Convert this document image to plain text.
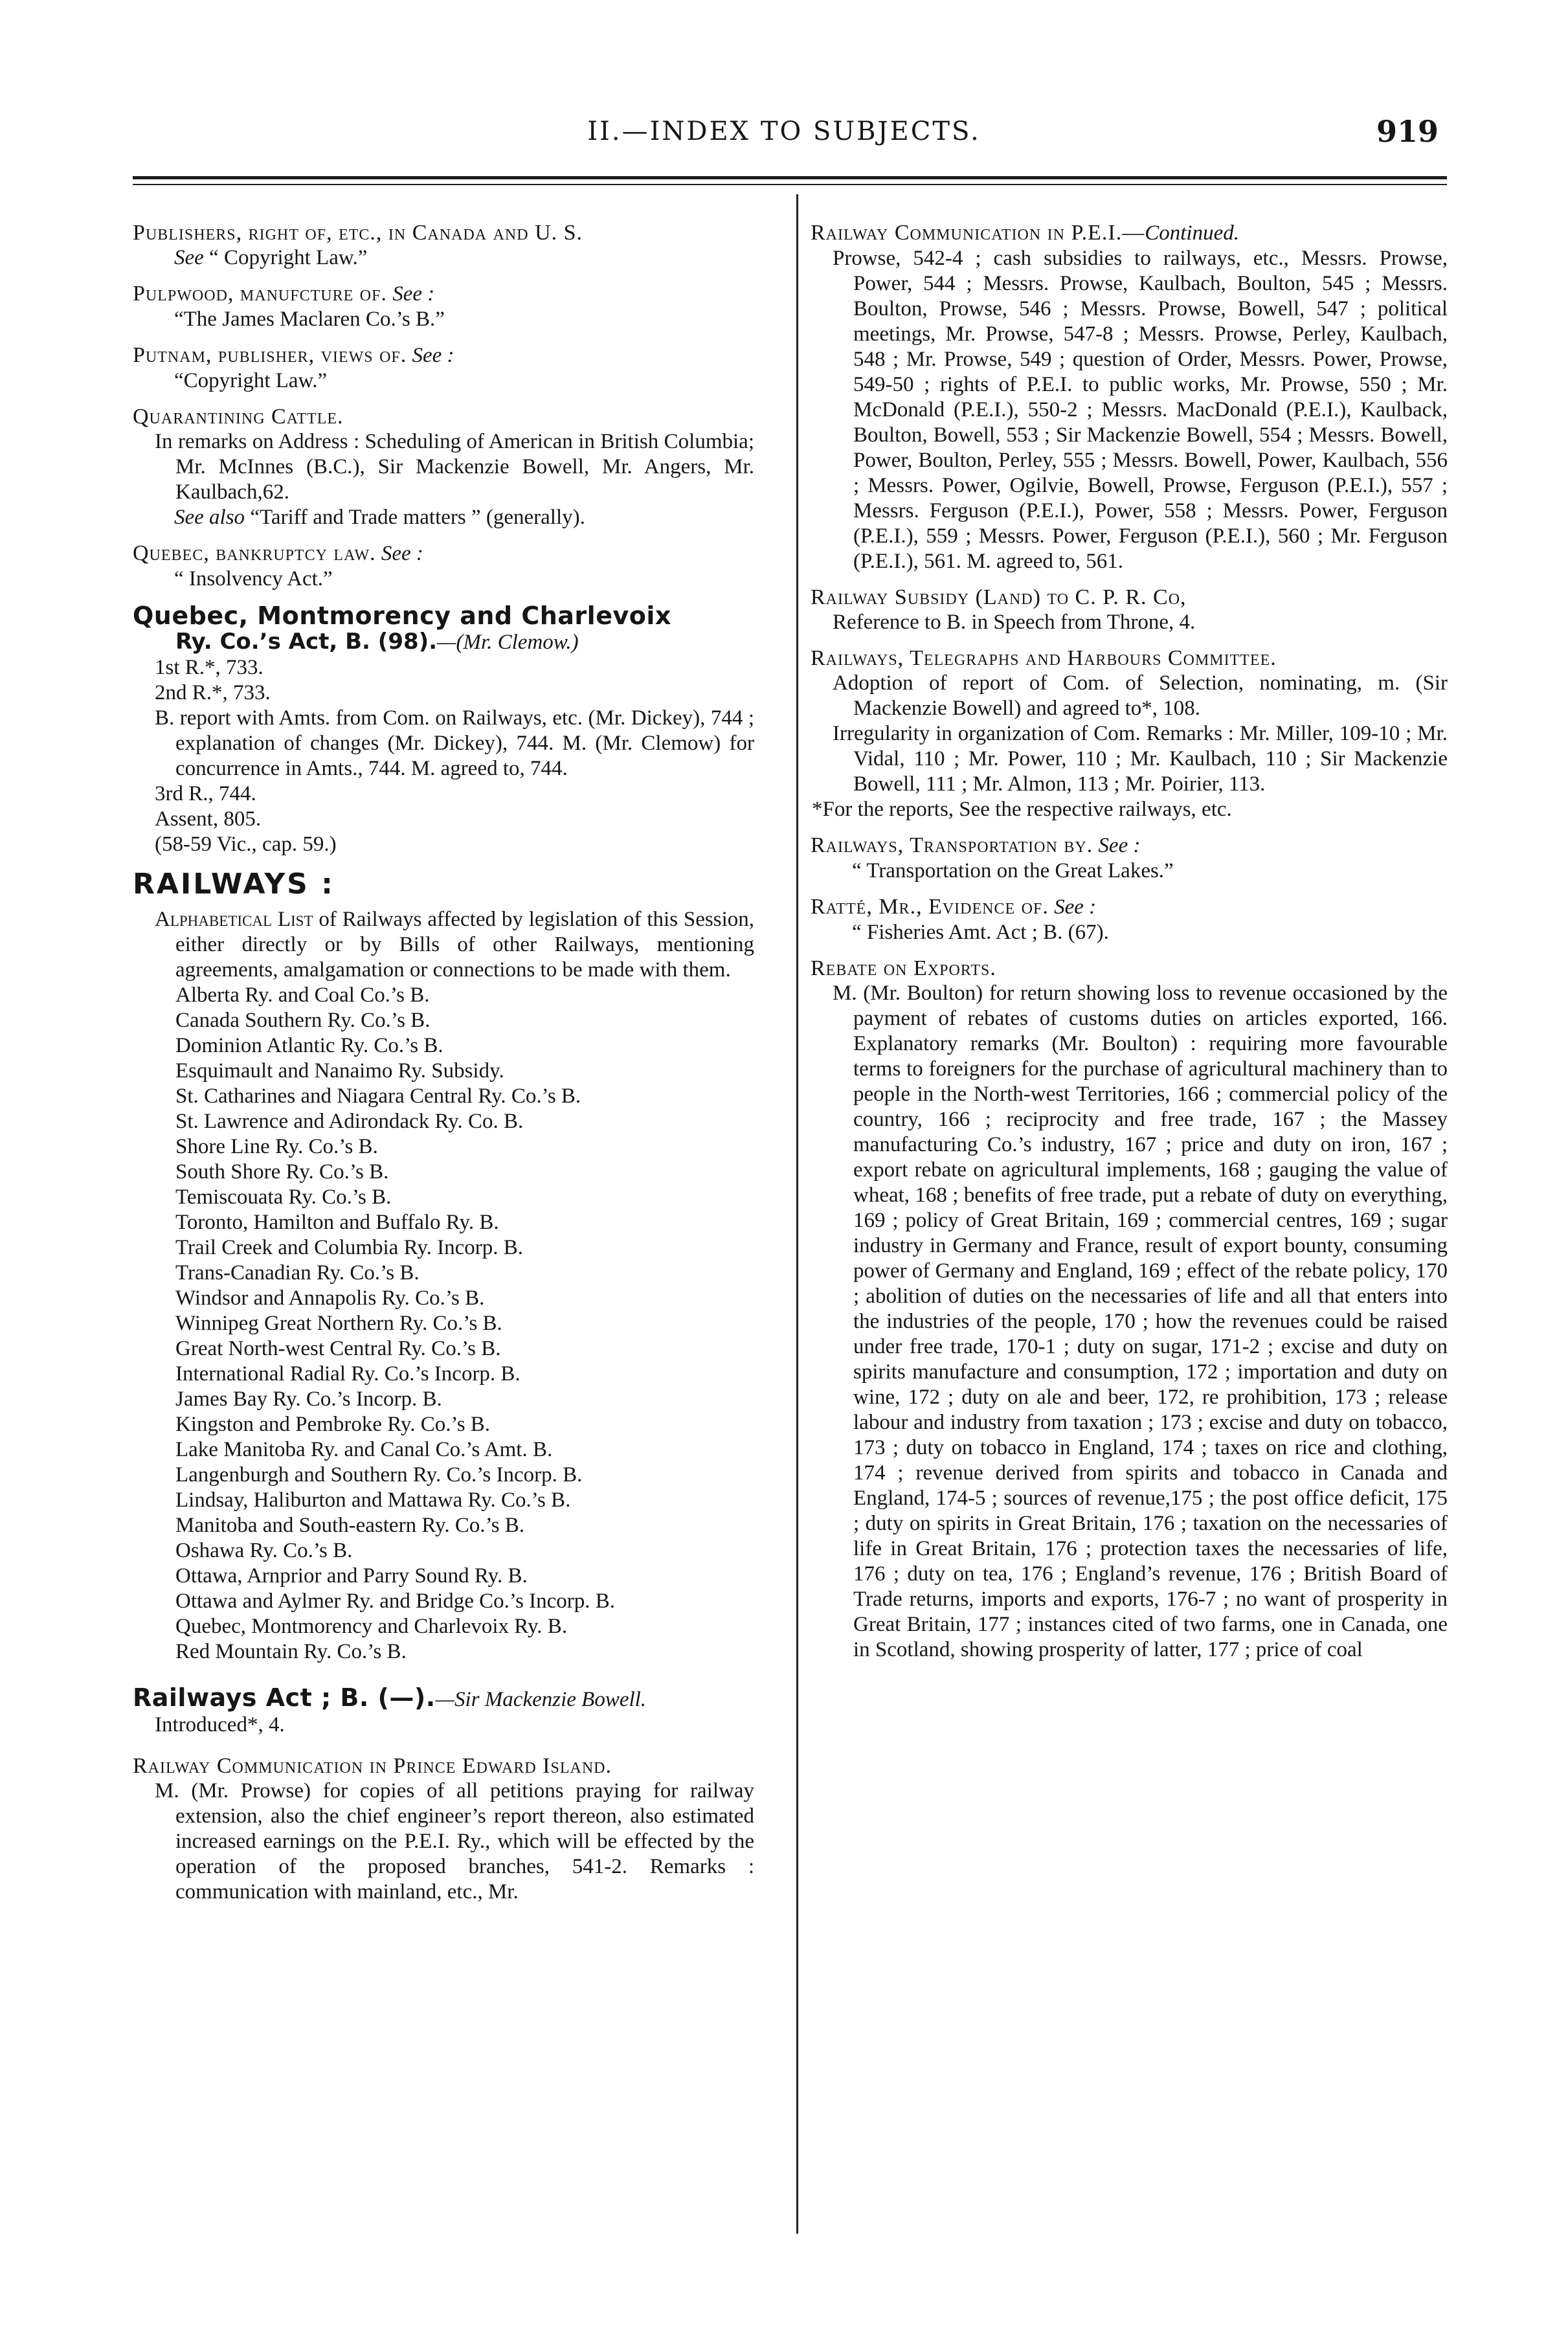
II.—INDEX TO SUBJECTS.	919
Publishers, right of, etc., in Canada and U. S.
See “ Copyright Law.”
Pulpwood, manufcture of. See :
“The James Maclaren Co.’s B.”
Putnam, publisher, views of. See :
“Copyright Law.”
Quarantining Cattle.
In remarks on Address : Scheduling of American in British Columbia; Mr. McInnes (B.C.), Sir Mackenzie Bowell, Mr. Angers, Mr. Kaulbach,62.
See also “Tariff and Trade matters ” (generally).
Quebec, bankruptcy law. See :
“ Insolvency Act.”
Quebec, Montmorency and Charlevoix
Ry. Co.’s Act, B. (98).—(Mr. Clemow.)
1st R.*, 733.
2nd R.*, 733.
B. report with Amts. from Com. on Railways, etc. (Mr. Dickey), 744 ; explanation of changes (Mr. Dickey), 744. M. (Mr. Clemow) for concurrence in Amts., 744. M. agreed to, 744.
3rd R., 744.
Assent, 805.
(58-59 Vic., cap. 59.)
RAILWAYS :
Alphabetical List of Railways affected by legislation of this Session, either directly or by Bills of other Railways, mentioning agreements, amalgamation or connections to be made with them.
Alberta Ry. and Coal Co.’s B.
Canada Southern Ry. Co.’s B.
Dominion Atlantic Ry. Co.’s B.
Esquimault and Nanaimo Ry. Subsidy.
St. Catharines and Niagara Central Ry. Co.’s B.
St. Lawrence and Adirondack Ry. Co. B.
Shore Line Ry. Co.’s B.
South Shore Ry. Co.’s B.
Temiscouata Ry. Co.’s B.
Toronto, Hamilton and Buffalo Ry. B.
Trail Creek and Columbia Ry. Incorp. B.
Trans-Canadian Ry. Co.’s B.
Windsor and Annapolis Ry. Co.’s B.
Winnipeg Great Northern Ry. Co.’s B.
Great North-west Central Ry. Co.’s B.
International Radial Ry. Co.’s Incorp. B.
James Bay Ry. Co.’s Incorp. B.
Kingston and Pembroke Ry. Co.’s B.
Lake Manitoba Ry. and Canal Co.’s Amt. B.
Langenburgh and Southern Ry. Co.’s Incorp. B.
Lindsay, Haliburton and Mattawa Ry. Co.’s B.
Manitoba and South-eastern Ry. Co.’s B.
Oshawa Ry. Co.’s B.
Ottawa, Arnprior and Parry Sound Ry. B.
Ottawa and Aylmer Ry. and Bridge Co.’s Incorp. B.
Quebec, Montmorency and Charlevoix Ry. B.
Red Mountain Ry. Co.’s B.
Railways Act ; B. (—).—Sir Mackenzie Bowell.
Introduced*, 4.
Railway Communication in Prince Edward Island.
M. (Mr. Prowse) for copies of all petitions praying for railway extension, also the chief engineer’s report thereon, also estimated increased earnings on the P.E.I. Ry., which will be effected by the operation of the proposed branches, 541-2. Remarks : communication with mainland, etc., Mr.
Railway Communication in P.E.I.—Continued.
Prowse, 542-4 ; cash subsidies to railways, etc., Messrs. Prowse, Power, 544 ; Messrs. Prowse, Kaulbach, Boulton, 545 ; Messrs. Boulton, Prowse, 546 ; Messrs. Prowse, Bowell, 547 ; political meetings, Mr. Prowse, 547-8 ; Messrs. Prowse, Perley, Kaulbach, 548 ; Mr. Prowse, 549 ; question of Order, Messrs. Power, Prowse, 549-50 ; rights of P.E.I. to public works, Mr. Prowse, 550 ; Mr. McDonald (P.E.I.), 550-2 ; Messrs. MacDonald (P.E.I.), Kaulback, Boulton, Bowell, 553 ; Sir Mackenzie Bowell, 554 ; Messrs. Bowell, Power, Boulton, Perley, 555 ; Messrs. Bowell, Power, Kaulbach, 556 ; Messrs. Power, Ogilvie, Bowell, Prowse, Ferguson (P.E.I.), 557 ; Messrs. Ferguson (P.E.I.), Power, 558 ; Messrs. Power, Ferguson (P.E.I.), 559 ; Messrs. Power, Ferguson (P.E.I.), 560 ; Mr. Ferguson (P.E.I.), 561. M. agreed to, 561.
Railway Subsidy (Land) to C. P. R. Co,
Reference to B. in Speech from Throne, 4.
Railways, Telegraphs and Harbours Committee.
Adoption of report of Com. of Selection, nominating, m. (Sir Mackenzie Bowell) and agreed to*, 108.
Irregularity in organization of Com. Remarks : Mr. Miller, 109-10 ; Mr. Vidal, 110 ; Mr. Power, 110 ; Mr. Kaulbach, 110 ; Sir Mackenzie Bowell, 111 ; Mr. Almon, 113 ; Mr. Poirier, 113.
*For the reports, See the respective railways, etc.
Railways, Transportation by. See :
“ Transportation on the Great Lakes.”
Ratté, Mr., Evidence of. See :
“ Fisheries Amt. Act ; B. (67).
Rebate on Exports.
M. (Mr. Boulton) for return showing loss to revenue occasioned by the payment of rebates of customs duties on articles exported, 166. Explanatory remarks (Mr. Boulton) : requiring more favourable terms to foreigners for the purchase of agricultural machinery than to people in the North-west Territories, 166 ; commercial policy of the country, 166 ; reciprocity and free trade, 167 ; the Massey manufacturing Co.’s industry, 167 ; price and duty on iron, 167 ; export rebate on agricultural implements, 168 ; gauging the value of wheat, 168 ; benefits of free trade, put a rebate of duty on everything, 169 ; policy of Great Britain, 169 ; commercial centres, 169 ; sugar industry in Germany and France, result of export bounty, consuming power of Germany and England, 169 ; effect of the rebate policy, 170 ; abolition of duties on the necessaries of life and all that enters into the industries of the people, 170 ; how the revenues could be raised under free trade, 170-1 ; duty on sugar, 171-2 ; excise and duty on spirits manufacture and consumption, 172 ; importation and duty on wine, 172 ; duty on ale and beer, 172, re prohibition, 173 ; release labour and industry from taxation ; 173 ; excise and duty on tobacco, 173 ; duty on tobacco in England, 174 ; taxes on rice and clothing, 174 ; revenue derived from spirits and tobacco in Canada and England, 174-5 ; sources of revenue,175 ; the post office deficit, 175 ; duty on spirits in Great Britain, 176 ; taxation on the necessaries of life in Great Britain, 176 ; protection taxes the necessaries of life, 176 ; duty on tea, 176 ; England’s revenue, 176 ; British Board of Trade returns, imports and exports, 176-7 ; no want of prosperity in Great Britain, 177 ; instances cited of two farms, one in Canada, one in Scotland, showing prosperity of latter, 177 ; price of coal
